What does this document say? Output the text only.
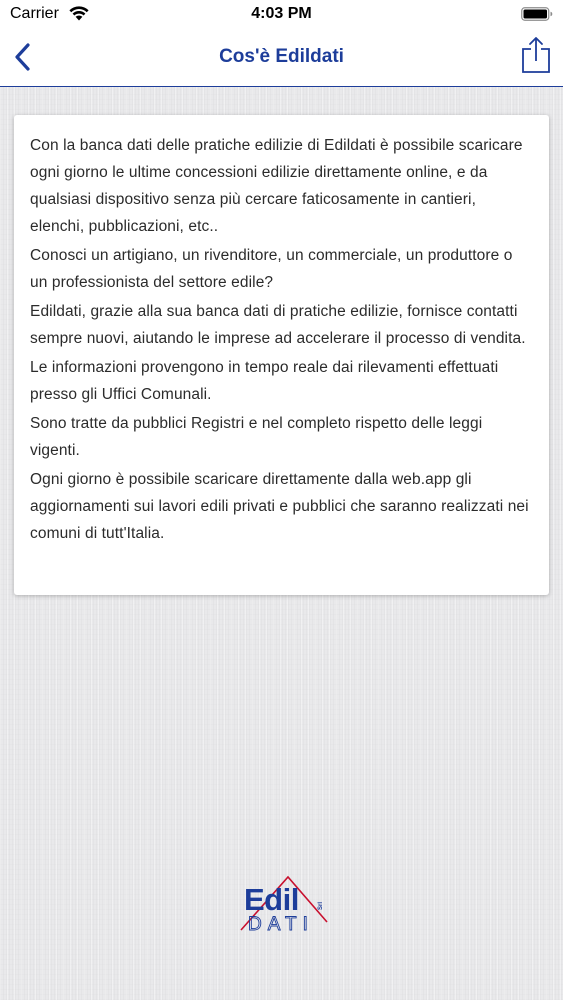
Carrier	4:03 PM
Cos'è Edildati

Con la banca dati delle pratiche edilizie di Edildati è possibile scaricare ogni giorno le ultime concessioni edilizie direttamente online, e da qualsiasi dispositivo senza più cercare faticosamente in cantieri, elenchi, pubblicazioni, etc..

Conosci un artigiano, un rivenditore, un commerciale, un produttore o un professionista del settore edile?

Edildati, grazie alla sua banca dati di pratiche edilizie, fornisce contatti sempre nuovi, aiutando le imprese ad accelerare il processo di vendita.

Le informazioni provengono in tempo reale dai rilevamenti effettuati presso gli Uffici Comunali.

Sono tratte da pubblici Registri e nel completo rispetto delle leggi vigenti.

Ogni giorno è possibile scaricare direttamente dalla web.app gli aggiornamenti sui lavori edili privati e pubblici che saranno realizzati nei comuni di tutt'Italia.

Edil
DATI
Srl
